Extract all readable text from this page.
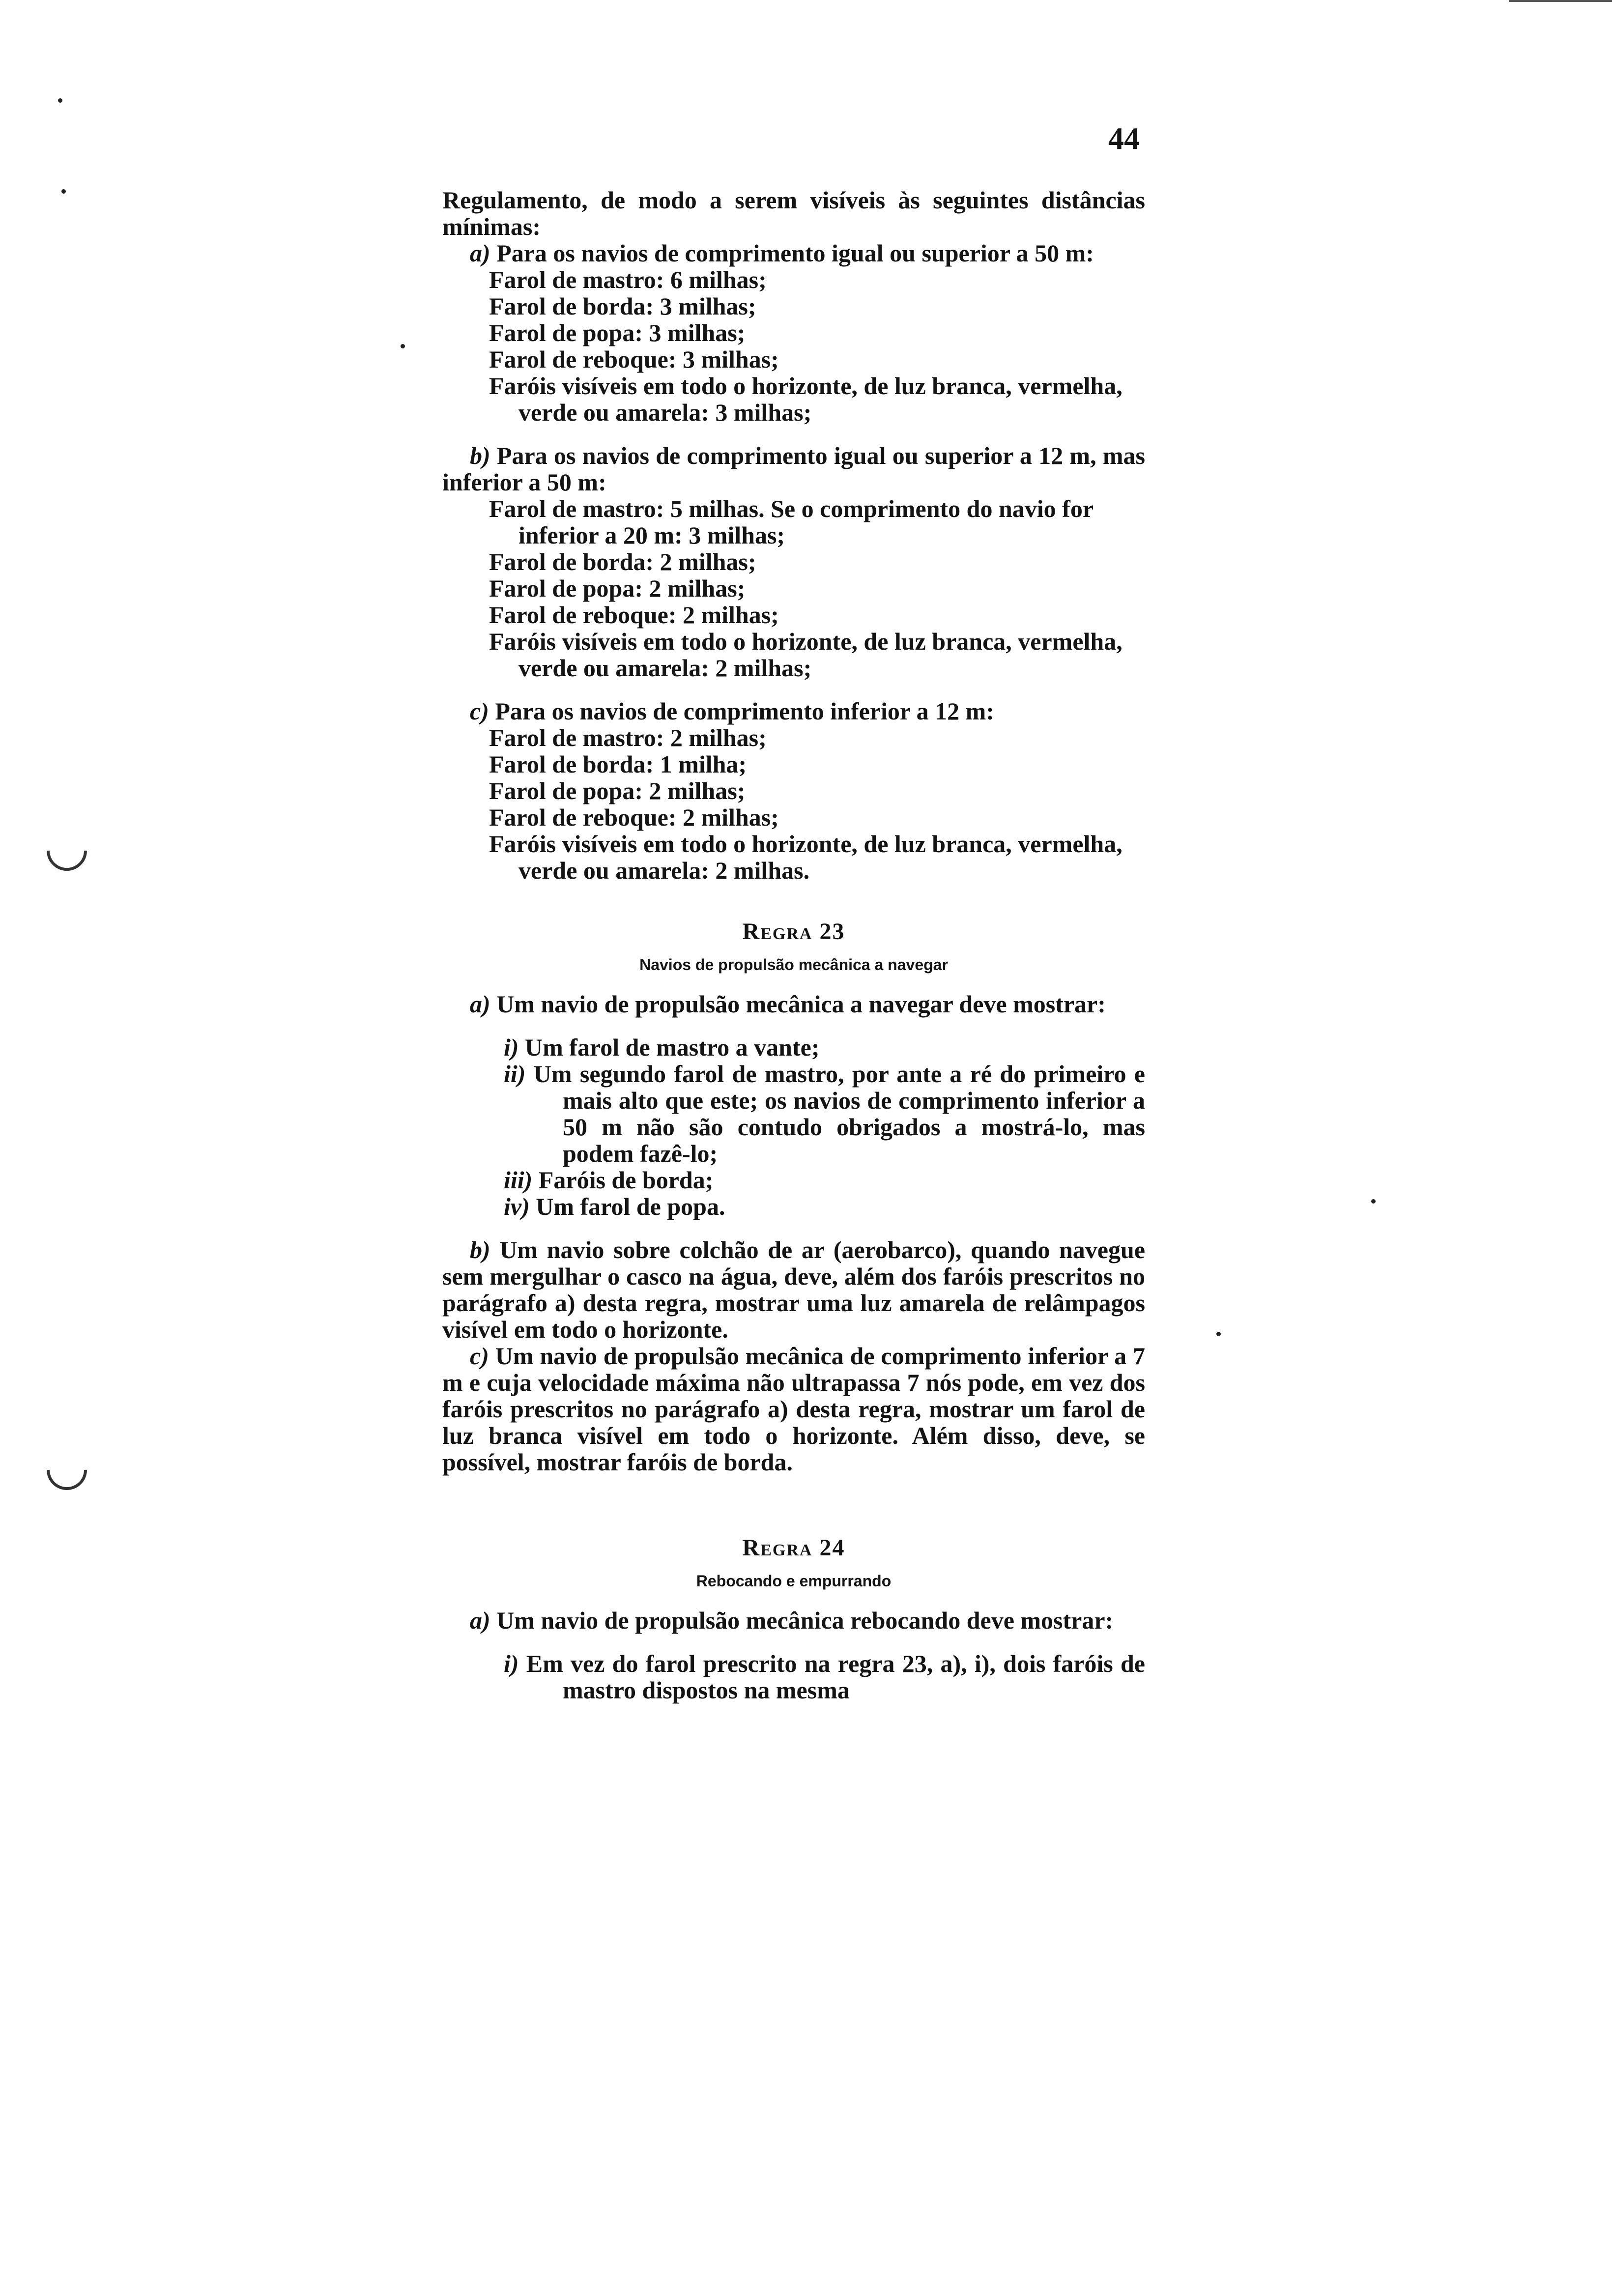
44

Regulamento, de modo a serem visíveis às seguintes distâncias mínimas:

a) Para os navios de comprimento igual ou superior a 50 m:

Farol de mastro: 6 milhas;

Farol de borda: 3 milhas;

Farol de popa: 3 milhas;

Farol de reboque: 3 milhas;

Faróis visíveis em todo o horizonte, de luz branca, vermelha, verde ou amarela: 3 milhas;

b) Para os navios de comprimento igual ou superior a 12 m, mas inferior a 50 m:

Farol de mastro: 5 milhas. Se o comprimento do navio for inferior a 20 m: 3 milhas;

Farol de borda: 2 milhas;

Farol de popa: 2 milhas;

Farol de reboque: 2 milhas;

Faróis visíveis em todo o horizonte, de luz branca, vermelha, verde ou amarela: 2 milhas;

c) Para os navios de comprimento inferior a 12 m:

Farol de mastro: 2 milhas;

Farol de borda: 1 milha;

Farol de popa: 2 milhas;

Farol de reboque: 2 milhas;

Faróis visíveis em todo o horizonte, de luz branca, vermelha, verde ou amarela: 2 milhas.

Regra 23

Navios de propulsão mecânica a navegar

a) Um navio de propulsão mecânica a navegar deve mostrar:

i) Um farol de mastro a vante;

ii) Um segundo farol de mastro, por ante a ré do primeiro e mais alto que este; os navios de comprimento inferior a 50 m não são contudo obrigados a mostrá-lo, mas podem fazê-lo;

iii) Faróis de borda;

iv) Um farol de popa.

b) Um navio sobre colchão de ar (aerobarco), quando navegue sem mergulhar o casco na água, deve, além dos faróis prescritos no parágrafo a) desta regra, mostrar uma luz amarela de relâmpagos visível em todo o horizonte.

c) Um navio de propulsão mecânica de comprimento inferior a 7 m e cuja velocidade máxima não ultrapassa 7 nós pode, em vez dos faróis prescritos no parágrafo a) desta regra, mostrar um farol de luz branca visível em todo o horizonte. Além disso, deve, se possível, mostrar faróis de borda.

Regra 24

Rebocando e empurrando

a) Um navio de propulsão mecânica rebocando deve mostrar:

i) Em vez do farol prescrito na regra 23, a), i), dois faróis de mastro dispostos na mesma
